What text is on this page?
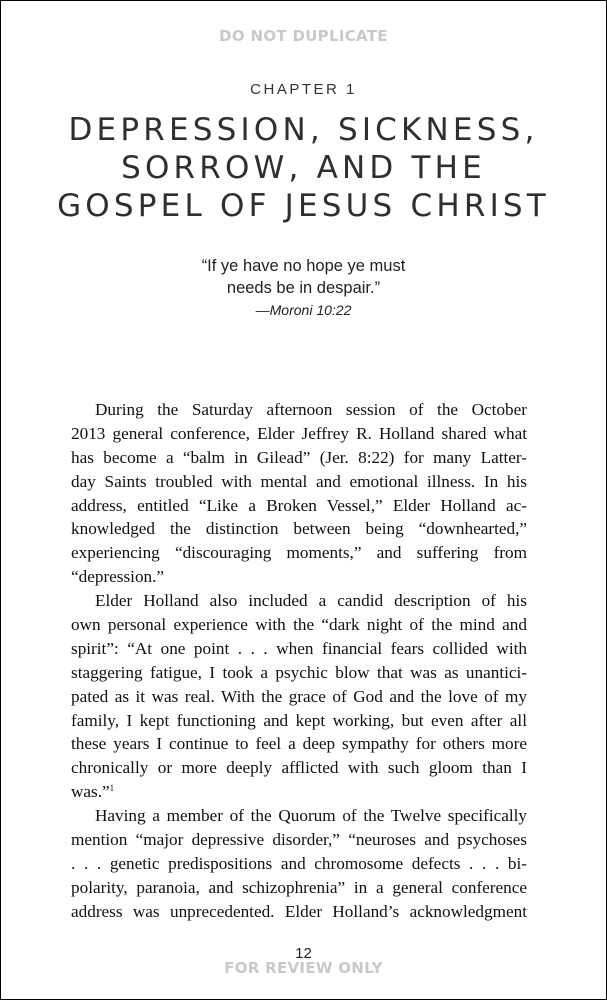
DO NOT DUPLICATE
CHAPTER 1
DEPRESSION, SICKNESS,
SORROW, AND THE
GOSPEL OF JESUS CHRIST
“If ye have no hope ye must
needs be in despair.”
—Moroni 10:22
During the Saturday afternoon session of the October
2013 general conference, Elder Jeffrey R. Holland shared what
has become a “balm in Gilead” (Jer. 8:22) for many Latter-
day Saints troubled with mental and emotional illness. In his
address, entitled “Like a Broken Vessel,” Elder Holland ac-
knowledged the distinction between being “downhearted,”
experiencing “discouraging moments,” and suffering from
“depression.”
Elder Holland also included a candid description of his
own personal experience with the “dark night of the mind and
spirit”: “At one point . . . when financial fears collided with
staggering fatigue, I took a psychic blow that was as unantici-
pated as it was real. With the grace of God and the love of my
family, I kept functioning and kept working, but even after all
these years I continue to feel a deep sympathy for others more
chronically or more deeply afflicted with such gloom than I
was.”$^1$
Having a member of the Quorum of the Twelve specifically
mention “major depressive disorder,” “neuroses and psychoses
. . . genetic predispositions and chromosome defects . . . bi-
polarity, paranoia, and schizophrenia” in a general conference
address was unprecedented. Elder Holland’s acknowledgment
12
FOR REVIEW ONLY
